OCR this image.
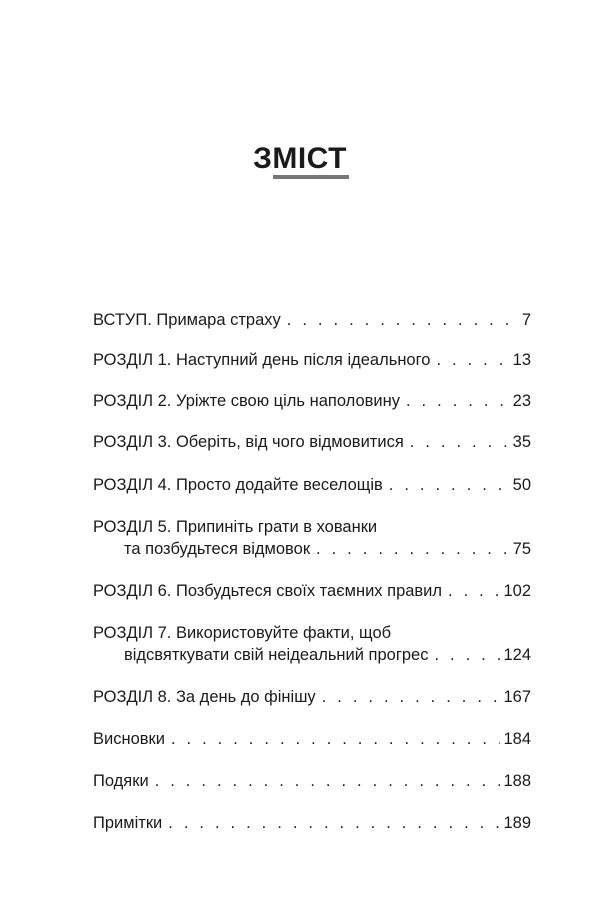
ЗМІСТ
ВСТУП. Примара страху . . .	7
РОЗДІЛ 1. Наступний день після ідеального . . .	13
РОЗДІЛ 2. Уріжте свою ціль наполовину . . .	23
РОЗДІЛ 3. Оберіть, від чого відмовитися . . .	35
РОЗДІЛ 4. Просто додайте веселощів . . .	50
РОЗДІЛ 5. Припиніть грати в хованки
та позбудьтеся відмовок . . .	75
РОЗДІЛ 6. Позбудьтеся своїх таємних правил . . .	102
РОЗДІЛ 7. Використовуйте факти, щоб
відсвяткувати свій неідеальний прогрес . . .	124
РОЗДІЛ 8. За день до фінішу . . .	167
Висновки . . .	184
Подяки . . .	188
Примітки . . .	189
